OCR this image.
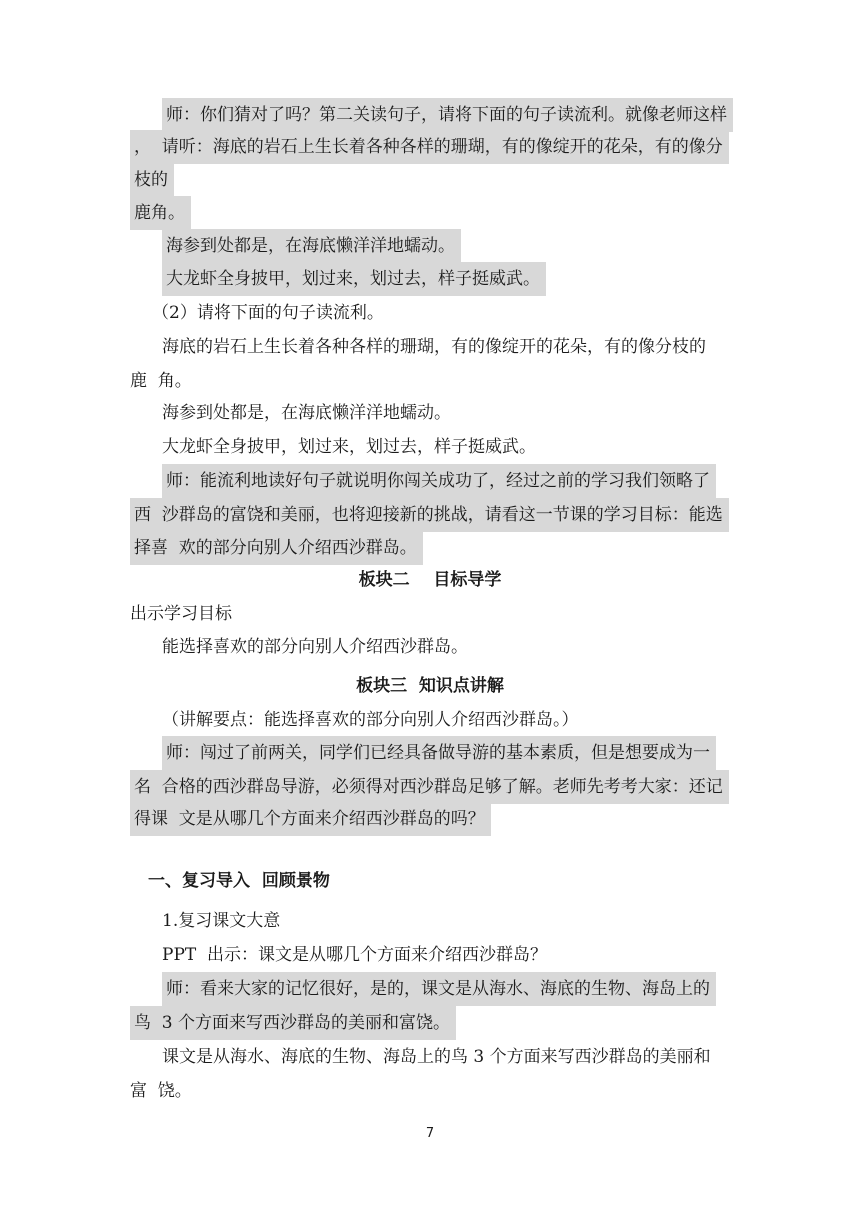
师：你们猜对了吗？第二关读句子，请将下面的句子读流利。就像老师这样
，  请听：海底的岩石上生长着各种各样的珊瑚，有的像绽开的花朵，有的像分
枝的
鹿角。
海参到处都是，在海底懒洋洋地蠕动。
大龙虾全身披甲，划过来，划过去，样子挺威武。
（2）请将下面的句子读流利。
海底的岩石上生长着各种各样的珊瑚，有的像绽开的花朵，有的像分枝的
鹿  角。
海参到处都是，在海底懒洋洋地蠕动。
大龙虾全身披甲，划过来，划过去，样子挺威武。
师：能流利地读好句子就说明你闯关成功了，经过之前的学习我们领略了
西  沙群岛的富饶和美丽，也将迎接新的挑战，请看这一节课的学习目标：能选
择喜  欢的部分向别人介绍西沙群岛。
出示学习目标
能选择喜欢的部分向别人介绍西沙群岛。
（讲解要点：能选择喜欢的部分向别人介绍西沙群岛。）
师：闯过了前两关，同学们已经具备做导游的基本素质，但是想要成为一
名  合格的西沙群岛导游，必须得对西沙群岛足够了解。老师先考考大家：还记
得课  文是从哪几个方面来介绍西沙群岛的吗？
1.复习课文大意
PPT  出示：课文是从哪几个方面来介绍西沙群岛？
师：看来大家的记忆很好，是的，课文是从海水、海底的生物、海岛上的
鸟  3 个方面来写西沙群岛的美丽和富饶。
课文是从海水、海底的生物、海岛上的鸟 3 个方面来写西沙群岛的美丽和
富  饶。
板块二    目标导学
板块三  知识点讲解
一、复习导入  回顾景物
7
